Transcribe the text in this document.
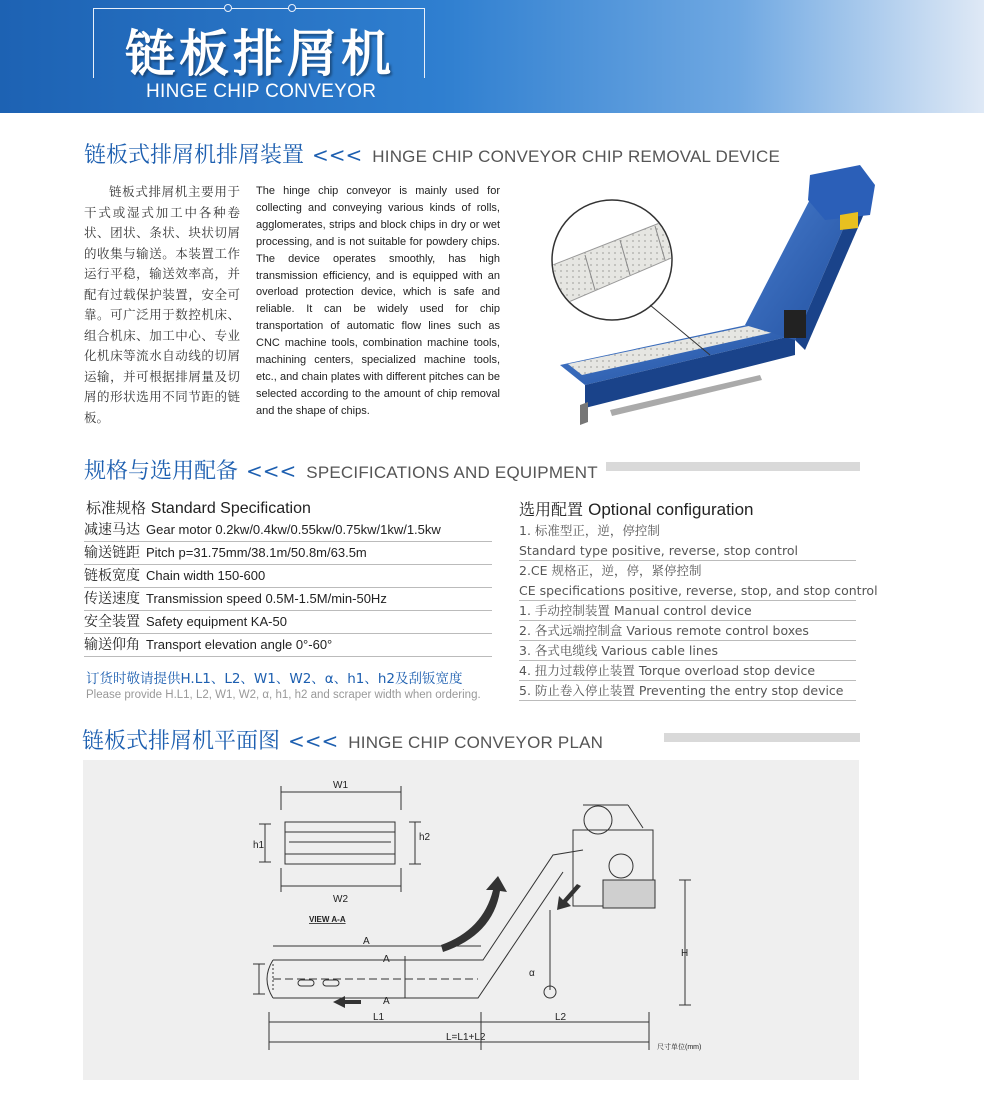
链板排屑机
HINGE CHIP CONVEYOR
链板式排屑机排屑装置 <<< HINGE CHIP CONVEYOR CHIP REMOVAL DEVICE
链板式排屑机主要用于干式或湿式加工中各种卷状、团状、条状、块状切屑的收集与输送。本装置工作运行平稳，输送效率高，并配有过载保护装置，安全可靠。可广泛用于数控机床、组合机床、加工中心、专业化机床等流水自动线的切屑运输，并可根据排屑量及切屑的形状选用不同节距的链板。
The hinge chip conveyor is mainly used for collecting and conveying various kinds of rolls, agglomerates, strips and block chips in dry or wet processing, and is not suitable for powdery chips. The device operates smoothly, has high transmission efficiency, and is equipped with an overload protection device, which is safe and reliable. It can be widely used for chip transportation of automatic flow lines such as CNC machine tools, combination machine tools, machining centers, specialized machine tools, etc., and chain plates with different pitches can be selected according to the amount of chip removal and the shape of chips.
规格与选用配备 <<< SPECIFICATIONS AND EQUIPMENT
标准规格 Standard Specification
减速马达 Gear motor 0.2kw/0.4kw/0.55kw/0.75kw/1kw/1.5kw
输送链距 Pitch p=31.75mm/38.1m/50.8m/63.5m
链板宽度 Chain width 150-600
传送速度 Transmission speed 0.5M-1.5M/min-50Hz
安全装置 Safety equipment KA-50
输送仰角 Transport elevation angle 0°-60°
订货时敬请提供H.L1、L2、W1、W2、α、h1、h2及刮钣宽度
Please provide H.L1, L2, W1, W2, α, h1, h2 and scraper width when ordering.
选用配置 Optional configuration
1. 标准型正，逆，停控制
Standard type positive, reverse, stop control
2.CE 规格正，逆，停，紧停控制
CE specifications positive, reverse, stop, and stop control
1. 手动控制装置 Manual control device
2. 各式远端控制盒 Various remote control boxes
3. 各式电缆线 Various cable lines
4. 扭力过载停止装置 Torque overload stop device
5. 防止卷入停止装置 Preventing the entry stop device
链板式排屑机平面图 <<< HINGE CHIP CONVEYOR PLAN
W1
W2
h1
h2
VIEW A-A
A
A
A
α
H
L1	L2
L=L1+L2
尺寸单位(mm)
